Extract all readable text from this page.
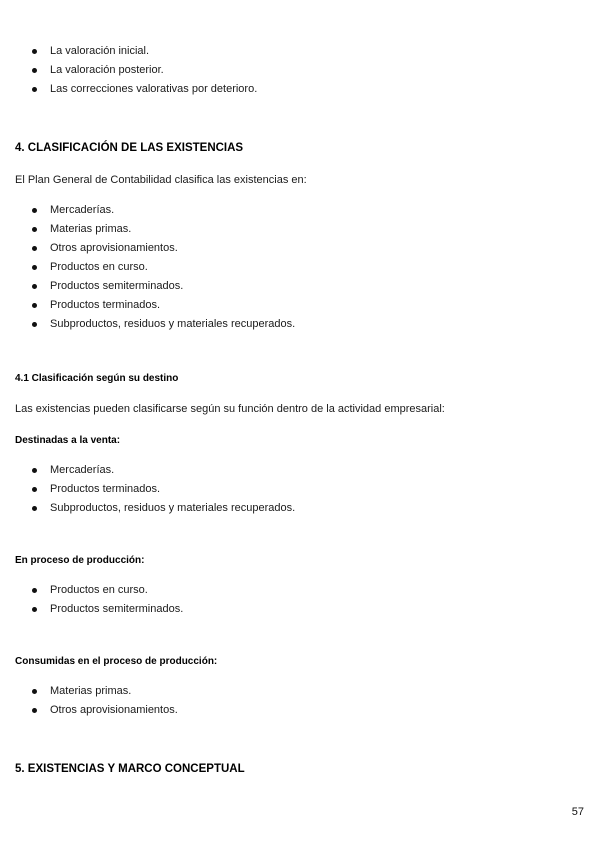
La valoración inicial.
La valoración posterior.
Las correcciones valorativas por deterioro.
4. CLASIFICACIÓN DE LAS EXISTENCIAS

El Plan General de Contabilidad clasifica las existencias en:

Mercaderías.
Materias primas.
Otros aprovisionamientos.
Productos en curso.
Productos semiterminados.
Productos terminados.
Subproductos, residuos y materiales recuperados.
4.1 Clasificación según su destino

Las existencias pueden clasificarse según su función dentro de la actividad empresarial:

Destinadas a la venta:
Mercaderías.
Productos terminados.
Subproductos, residuos y materiales recuperados.
En proceso de producción:
Productos en curso.
Productos semiterminados.
Consumidas en el proceso de producción:
Materias primas.
Otros aprovisionamientos.
5. EXISTENCIAS Y MARCO CONCEPTUAL
57
